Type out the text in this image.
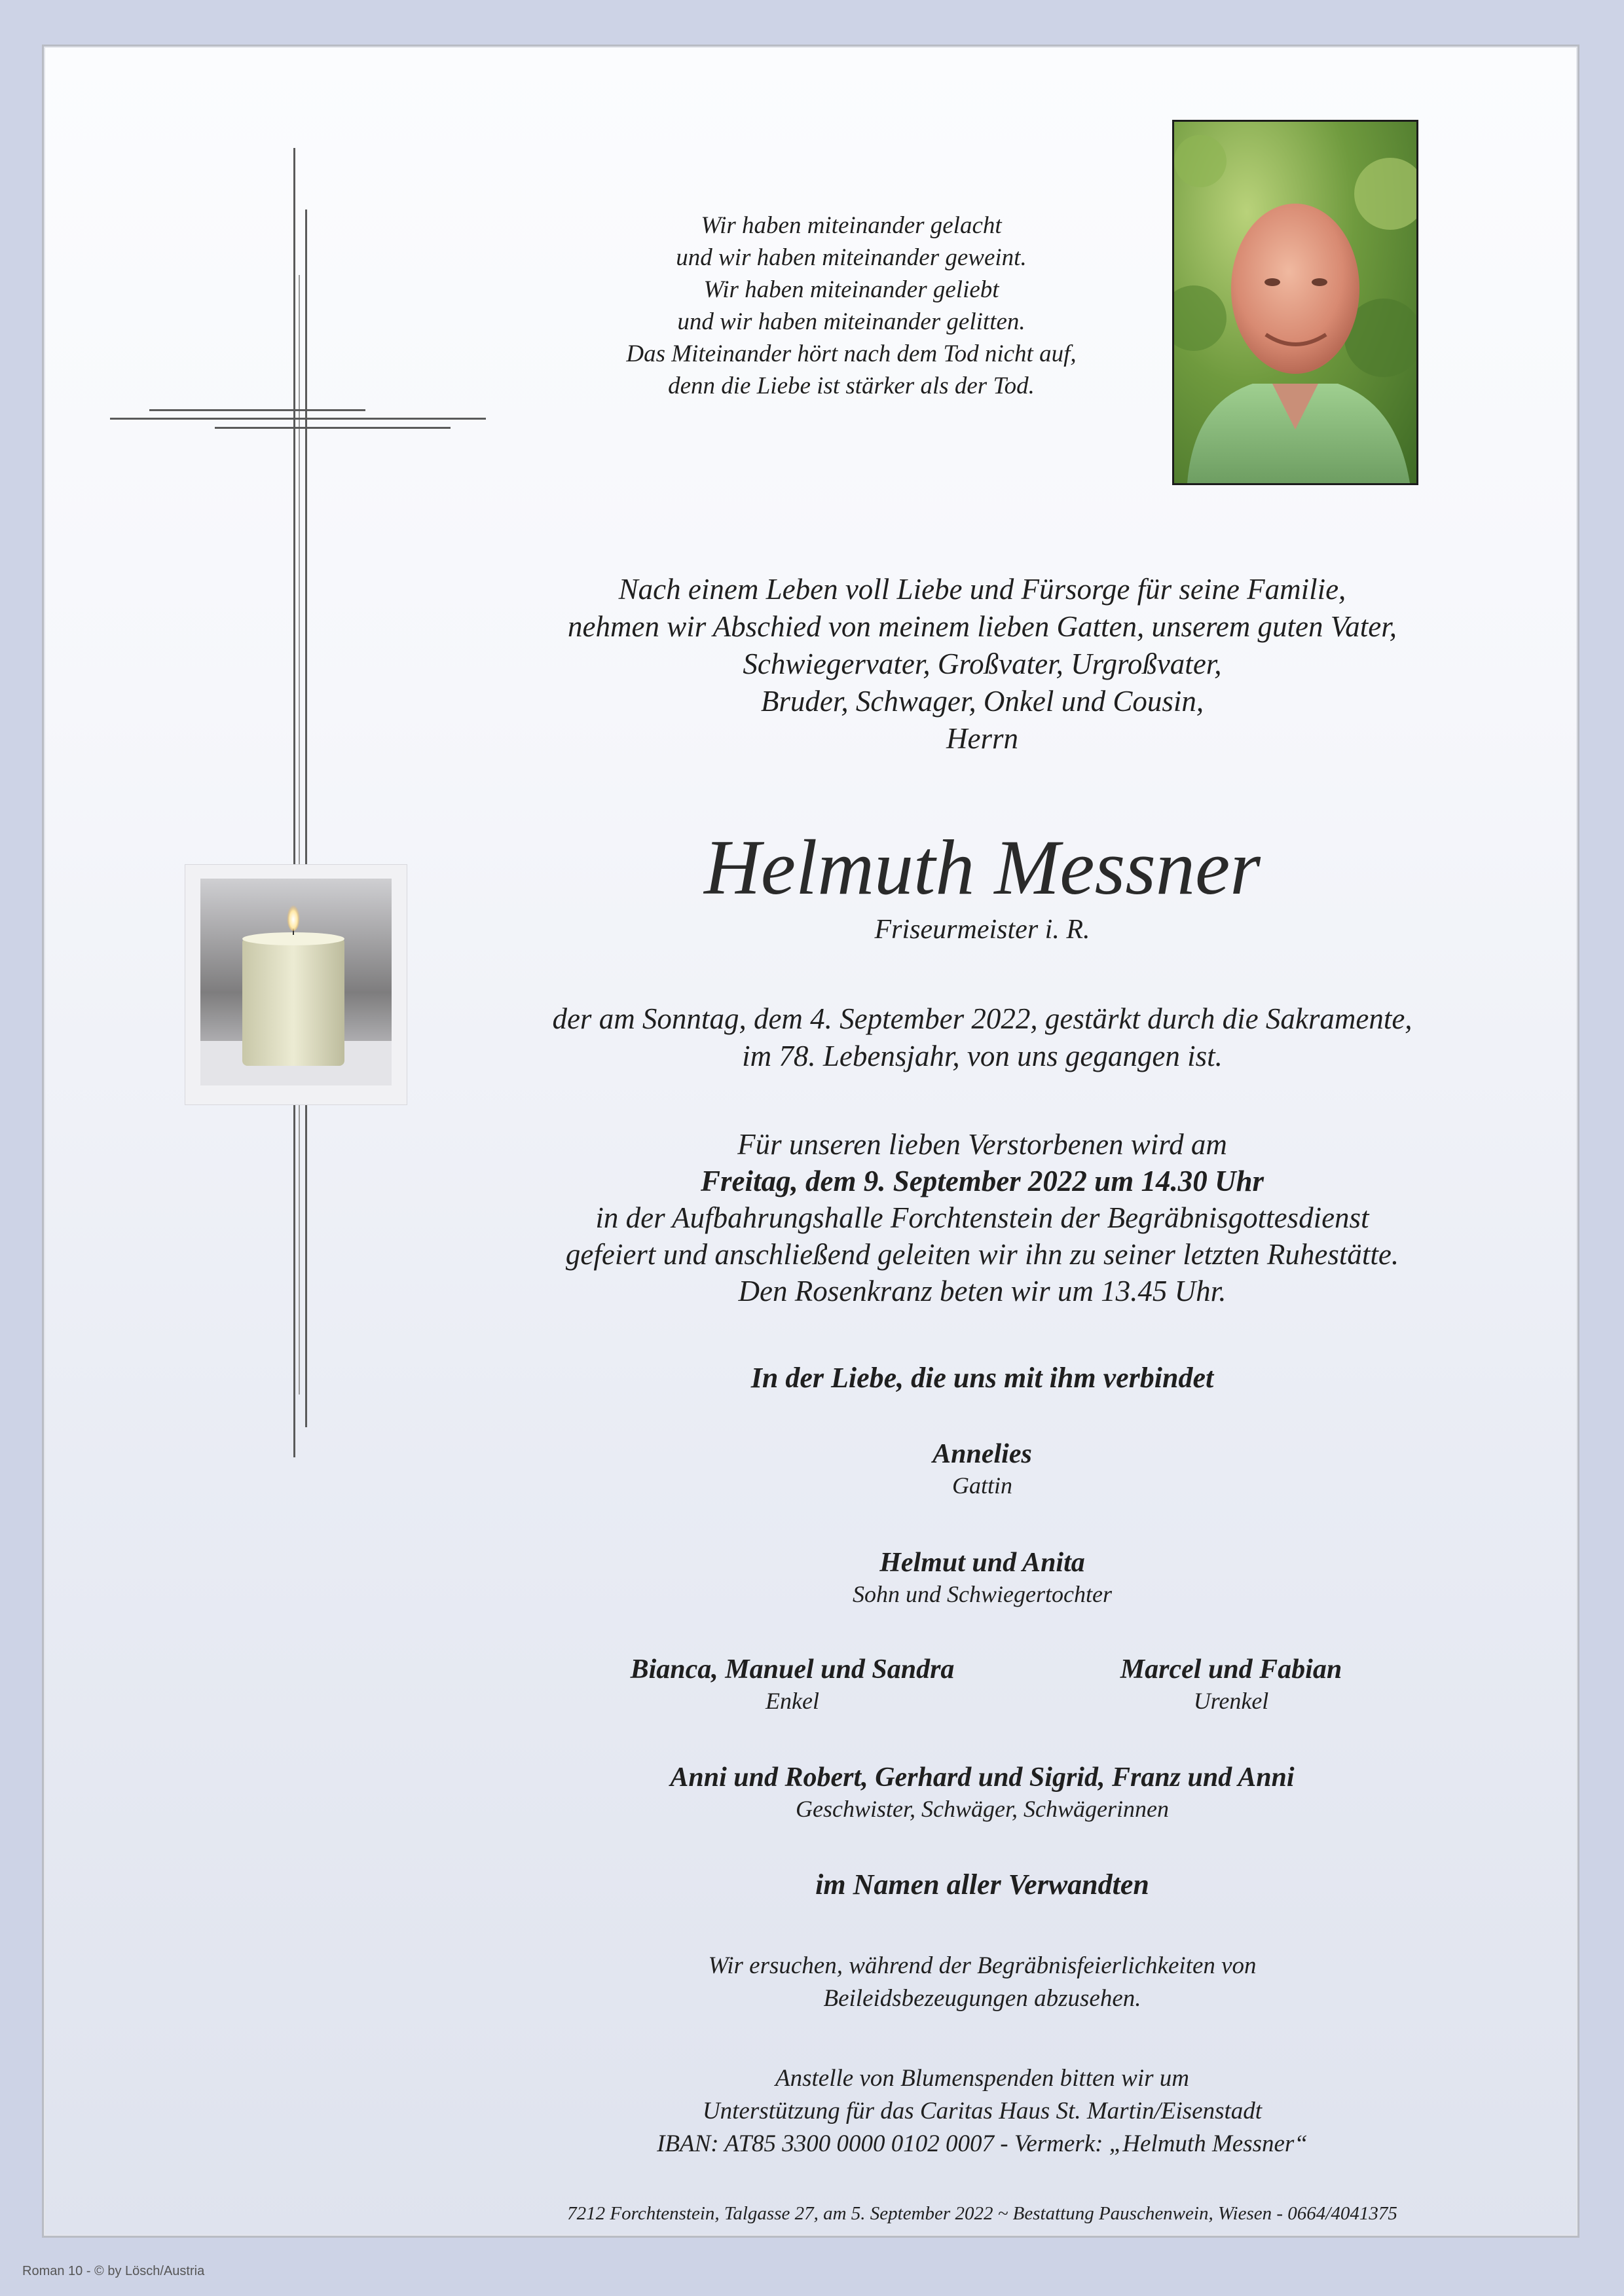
Wir haben miteinander gelacht
und wir haben miteinander geweint.
Wir haben miteinander geliebt
und wir haben miteinander gelitten.
Das Miteinander hört nach dem Tod nicht auf,
denn die Liebe ist stärker als der Tod.
Nach einem Leben voll Liebe und Fürsorge für seine Familie,
nehmen wir Abschied von meinem lieben Gatten, unserem guten Vater,
Schwiegervater, Großvater, Urgroßvater,
Bruder, Schwager, Onkel und Cousin,
Herrn
Helmuth Messner
Friseurmeister i. R.
der am Sonntag, dem 4. September 2022, gestärkt durch die Sakramente,
im 78. Lebensjahr, von uns gegangen ist.
Für unseren lieben Verstorbenen wird am
Freitag, dem 9. September 2022 um 14.30 Uhr
in der Aufbahrungshalle Forchtenstein der Begräbnisgottesdienst
gefeiert und anschließend geleiten wir ihn zu seiner letzten Ruhestätte.
Den Rosenkranz beten wir um 13.45 Uhr.
In der Liebe, die uns mit ihm verbindet
Annelies
Gattin
Helmut und Anita
Sohn und Schwiegertochter
Bianca, Manuel und Sandra
Enkel
Marcel und Fabian
Urenkel
Anni und Robert, Gerhard und Sigrid, Franz und Anni
Geschwister, Schwäger, Schwägerinnen
im Namen aller Verwandten
Wir ersuchen, während der Begräbnisfeierlichkeiten von
Beileidsbezeugungen abzusehen.
Anstelle von Blumenspenden bitten wir um
Unterstützung für das Caritas Haus St. Martin/Eisenstadt
IBAN: AT85 3300 0000 0102 0007 - Vermerk: „Helmuth Messner“
7212 Forchtenstein, Talgasse 27, am 5. September 2022 ~ Bestattung Pauschenwein, Wiesen - 0664/4041375
Roman 10 - © by Lösch/Austria
